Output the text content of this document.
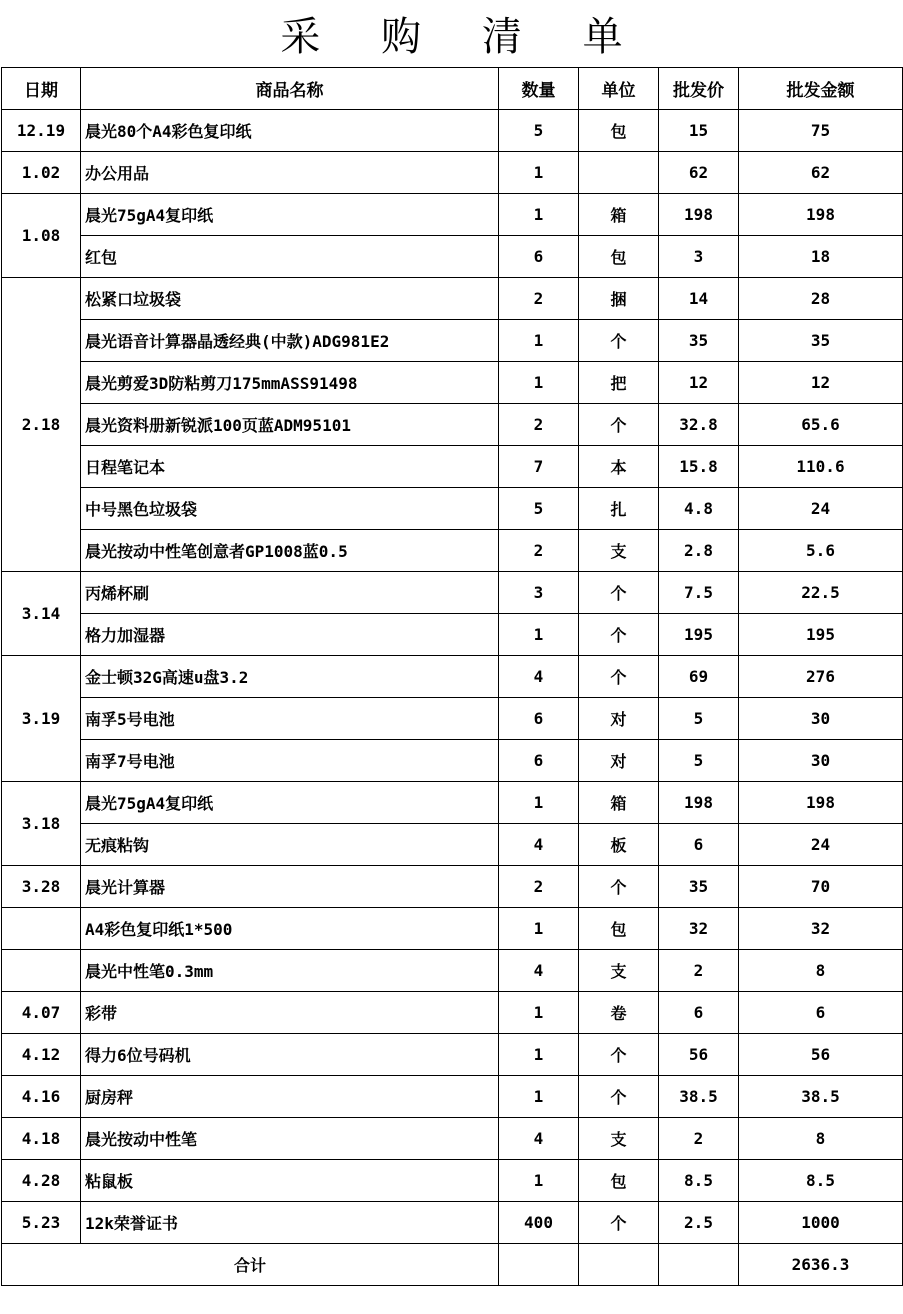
采 购 清 单
日期	商品名称	数量	单位	批发价	批发金额
12.19	晨光80个A4彩色复印纸	5	包	15	75
1.02	办公用品	1		62	62
1.08	晨光75gA4复印纸	1	箱	198	198
	红包	6	包	3	18
2.18	松紧口垃圾袋	2	捆	14	28
	晨光语音计算器晶透经典(中款)ADG981E2	1	个	35	35
	晨光剪爱3D防粘剪刀175mmASS91498	1	把	12	12
	晨光资料册新锐派100页蓝ADM95101	2	个	32.8	65.6
	日程笔记本	7	本	15.8	110.6
	中号黑色垃圾袋	5	扎	4.8	24
	晨光按动中性笔创意者GP1008蓝0.5	2	支	2.8	5.6
3.14	丙烯杯刷	3	个	7.5	22.5
	格力加湿器	1	个	195	195
3.19	金士顿32G高速u盘3.2	4	个	69	276
	南孚5号电池	6	对	5	30
	南孚7号电池	6	对	5	30
3.18	晨光75gA4复印纸	1	箱	198	198
	无痕粘钩	4	板	6	24
3.28	晨光计算器	2	个	35	70
	A4彩色复印纸1*500	1	包	32	32
	晨光中性笔0.3mm	4	支	2	8
4.07	彩带	1	卷	6	6
4.12	得力6位号码机	1	个	56	56
4.16	厨房秤	1	个	38.5	38.5
4.18	晨光按动中性笔	4	支	2	8
4.28	粘鼠板	1	包	8.5	8.5
5.23	12k荣誉证书	400	个	2.5	1000
合计					2636.3
